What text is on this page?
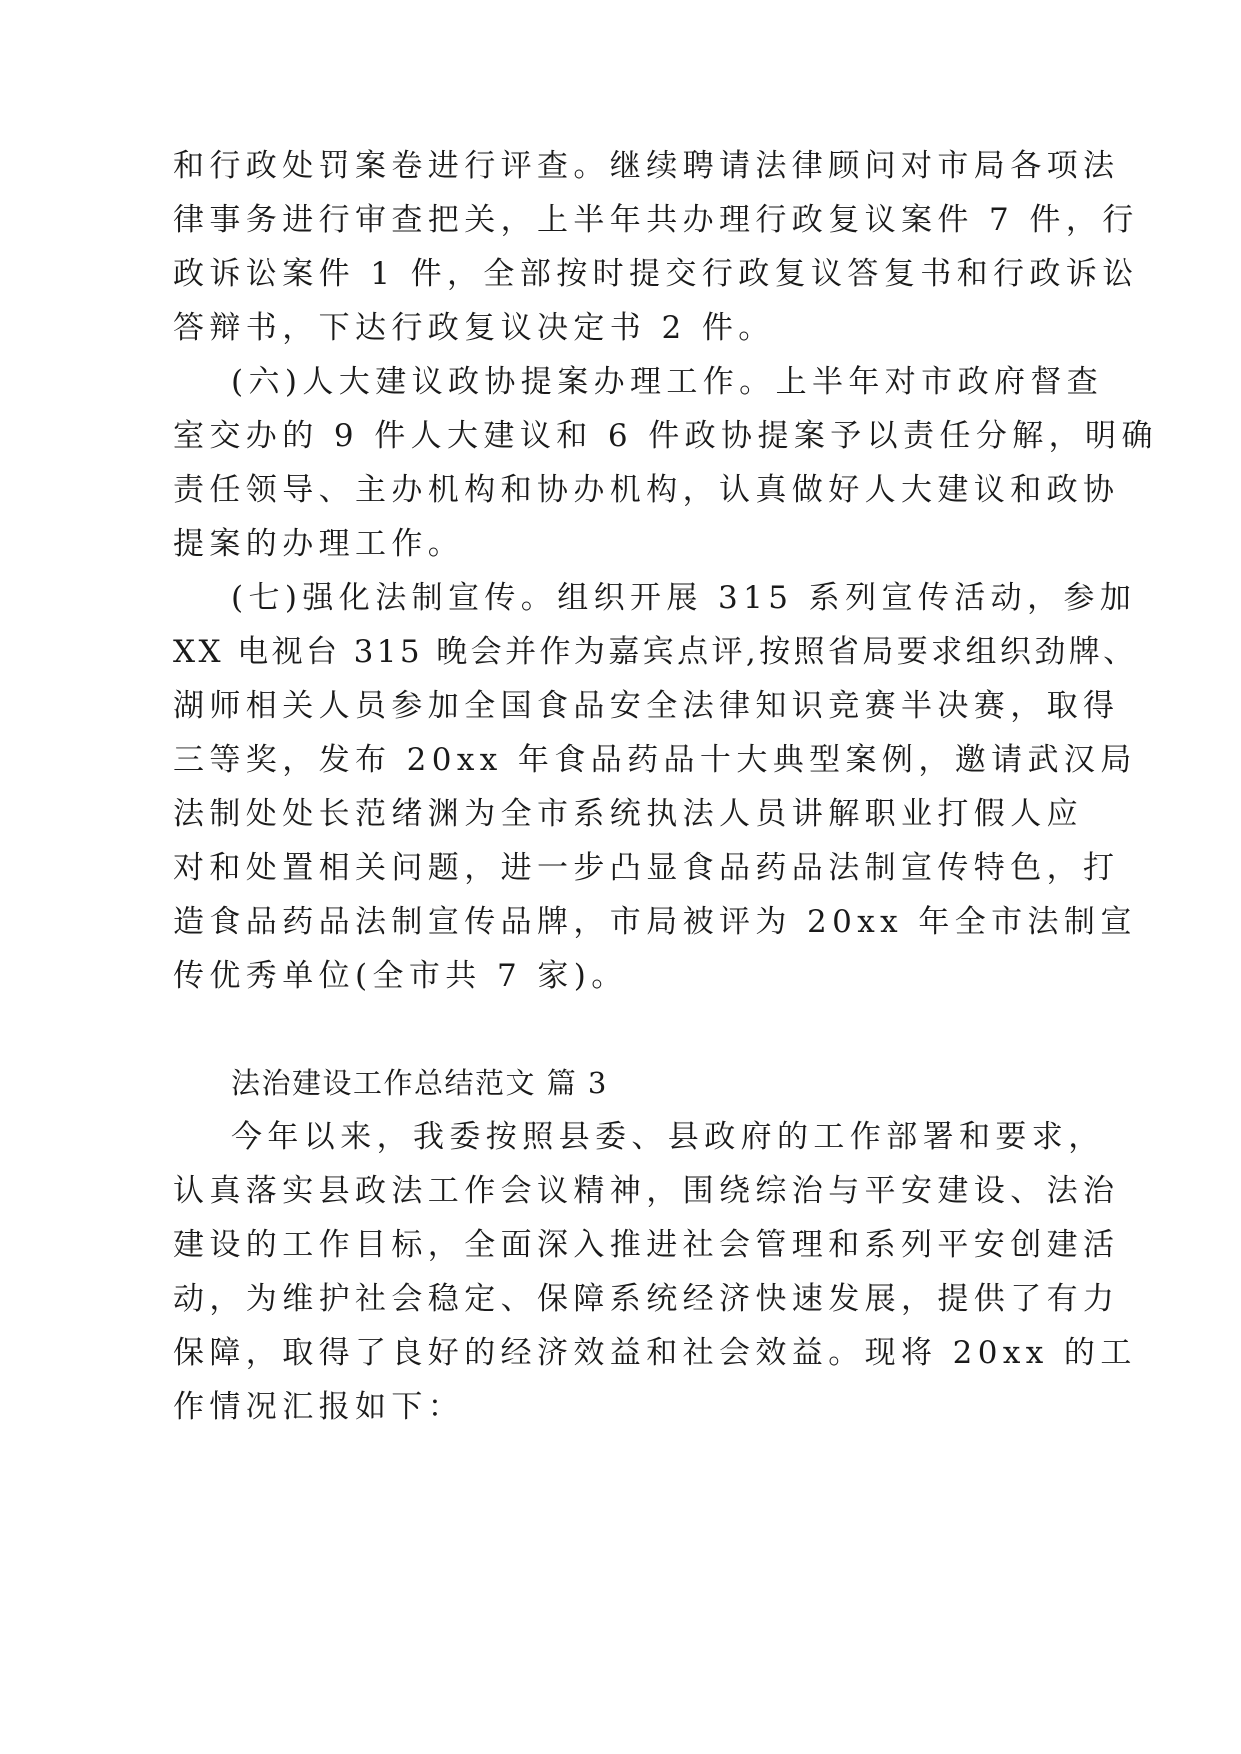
和行政处罚案卷进行评查。继续聘请法律顾问对市局各项法
律事务进行审查把关，上半年共办理行政复议案件 7 件，行
政诉讼案件 1 件，全部按时提交行政复议答复书和行政诉讼
答辩书，下达行政复议决定书 2 件。
(六)人大建议政协提案办理工作。上半年对市政府督查
室交办的 9 件人大建议和 6 件政协提案予以责任分解，明确
责任领导、主办机构和协办机构，认真做好人大建议和政协
提案的办理工作。
(七)强化法制宣传。组织开展 315 系列宣传活动，参加
XX 电视台 315 晚会并作为嘉宾点评,按照省局要求组织劲牌、
湖师相关人员参加全国食品安全法律知识竞赛半决赛，取得
三等奖，发布 20xx 年食品药品十大典型案例，邀请武汉局
法制处处长范绪渊为全市系统执法人员讲解职业打假人应
对和处置相关问题，进一步凸显食品药品法制宣传特色，打
造食品药品法制宣传品牌，市局被评为 20xx 年全市法制宣
传优秀单位(全市共 7 家)。
法治建设工作总结范文 篇 3
今年以来，我委按照县委、县政府的工作部署和要求，
认真落实县政法工作会议精神，围绕综治与平安建设、法治
建设的工作目标，全面深入推进社会管理和系列平安创建活
动，为维护社会稳定、保障系统经济快速发展，提供了有力
保障，取得了良好的经济效益和社会效益。现将 20xx 的工
作情况汇报如下：
